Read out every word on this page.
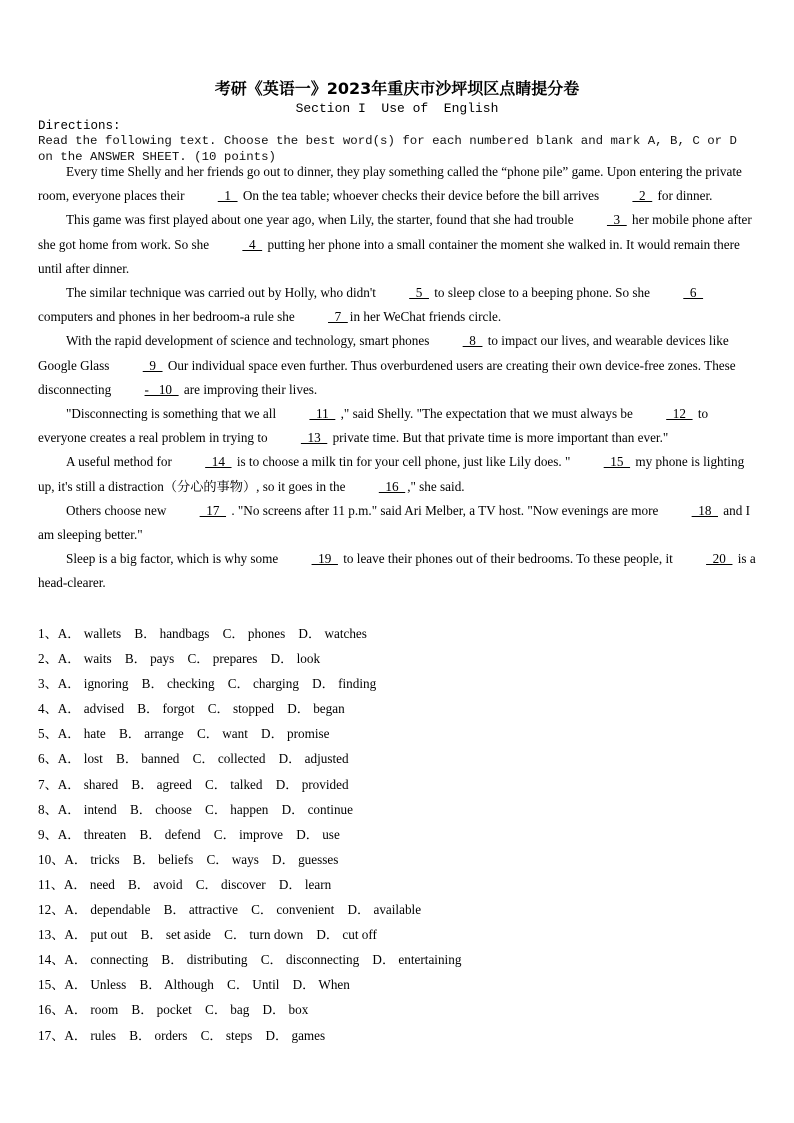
考研《英语一》2023年重庆市沙坪坝区点睛提分卷
Section I  Use of  English
Directions:
Read the following text. Choose the best word(s) for each numbered blank and mark A, B, C or D on the ANSWER SHEET. (10 points)

Every time Shelly and her friends go out to dinner, they play something called the “phone pile” game. Upon entering the private room, everyone places their   1   On the tea table; whoever checks their device before the bill arrives   2   for dinner.

This game was first played about one year ago, when Lily, the starter, found that she had trouble   3   her mobile phone after she got home from work. So she   4   putting her phone into a small container the moment she walked in. It would remain there until after dinner.

The similar technique was carried out by Holly, who didn't   5   to sleep close to a beeping phone. So she   6   computers and phones in her bedroom-a rule she   7  in her WeChat friends circle.

With the rapid development of science and technology, smart phones   8   to impact our lives, and wearable devices like Google Glass   9   Our individual space even further. Thus overburdened users are creating their own device-free zones. These disconnecting -   10   are improving their lives.

"Disconnecting is something that we all   11   ," said Shelly. "The expectation that we must always be   12   to everyone creates a real problem in trying to   13   private time. But that private time is more important than ever."

A useful method for   14   is to choose a milk tin for your cell phone, just like Lily does. "   15   my phone is lighting up, it's still a distraction（分心的事物）, so it goes in the   16  ," she said.

Others choose new   17   . "No screens after 11 p.m." said Ari Melber, a TV host. "Now evenings are more   18   and I am sleeping better."

Sleep is a big factor, which is why some   19   to leave their phones out of their bedrooms. To these people, it   20   is a head-clearer.

1、A． wallets    B． handbags    C． phones    D． watches
2、A． waits    B． pays    C． prepares    D． look
3、A． ignoring    B． checking    C． charging    D． finding
4、A． advised    B． forgot    C． stopped    D． began
5、A． hate    B． arrange    C． want    D． promise
6、A． lost    B． banned    C． collected    D． adjusted
7、A． shared    B． agreed    C． talked    D． provided
8、A． intend    B． choose    C． happen    D． continue
9、A． threaten    B． defend    C． improve    D． use
10、A． tricks    B． beliefs    C． ways    D． guesses
11、A． need    B． avoid    C． discover    D． learn
12、A． dependable    B． attractive    C． convenient    D． available
13、A． put out    B． set aside    C． turn down    D． cut off
14、A． connecting    B． distributing    C． disconnecting    D． entertaining
15、A． Unless    B． Although    C． Until    D． When
16、A． room    B． pocket    C． bag    D． box
17、A． rules    B． orders    C． steps    D． games
